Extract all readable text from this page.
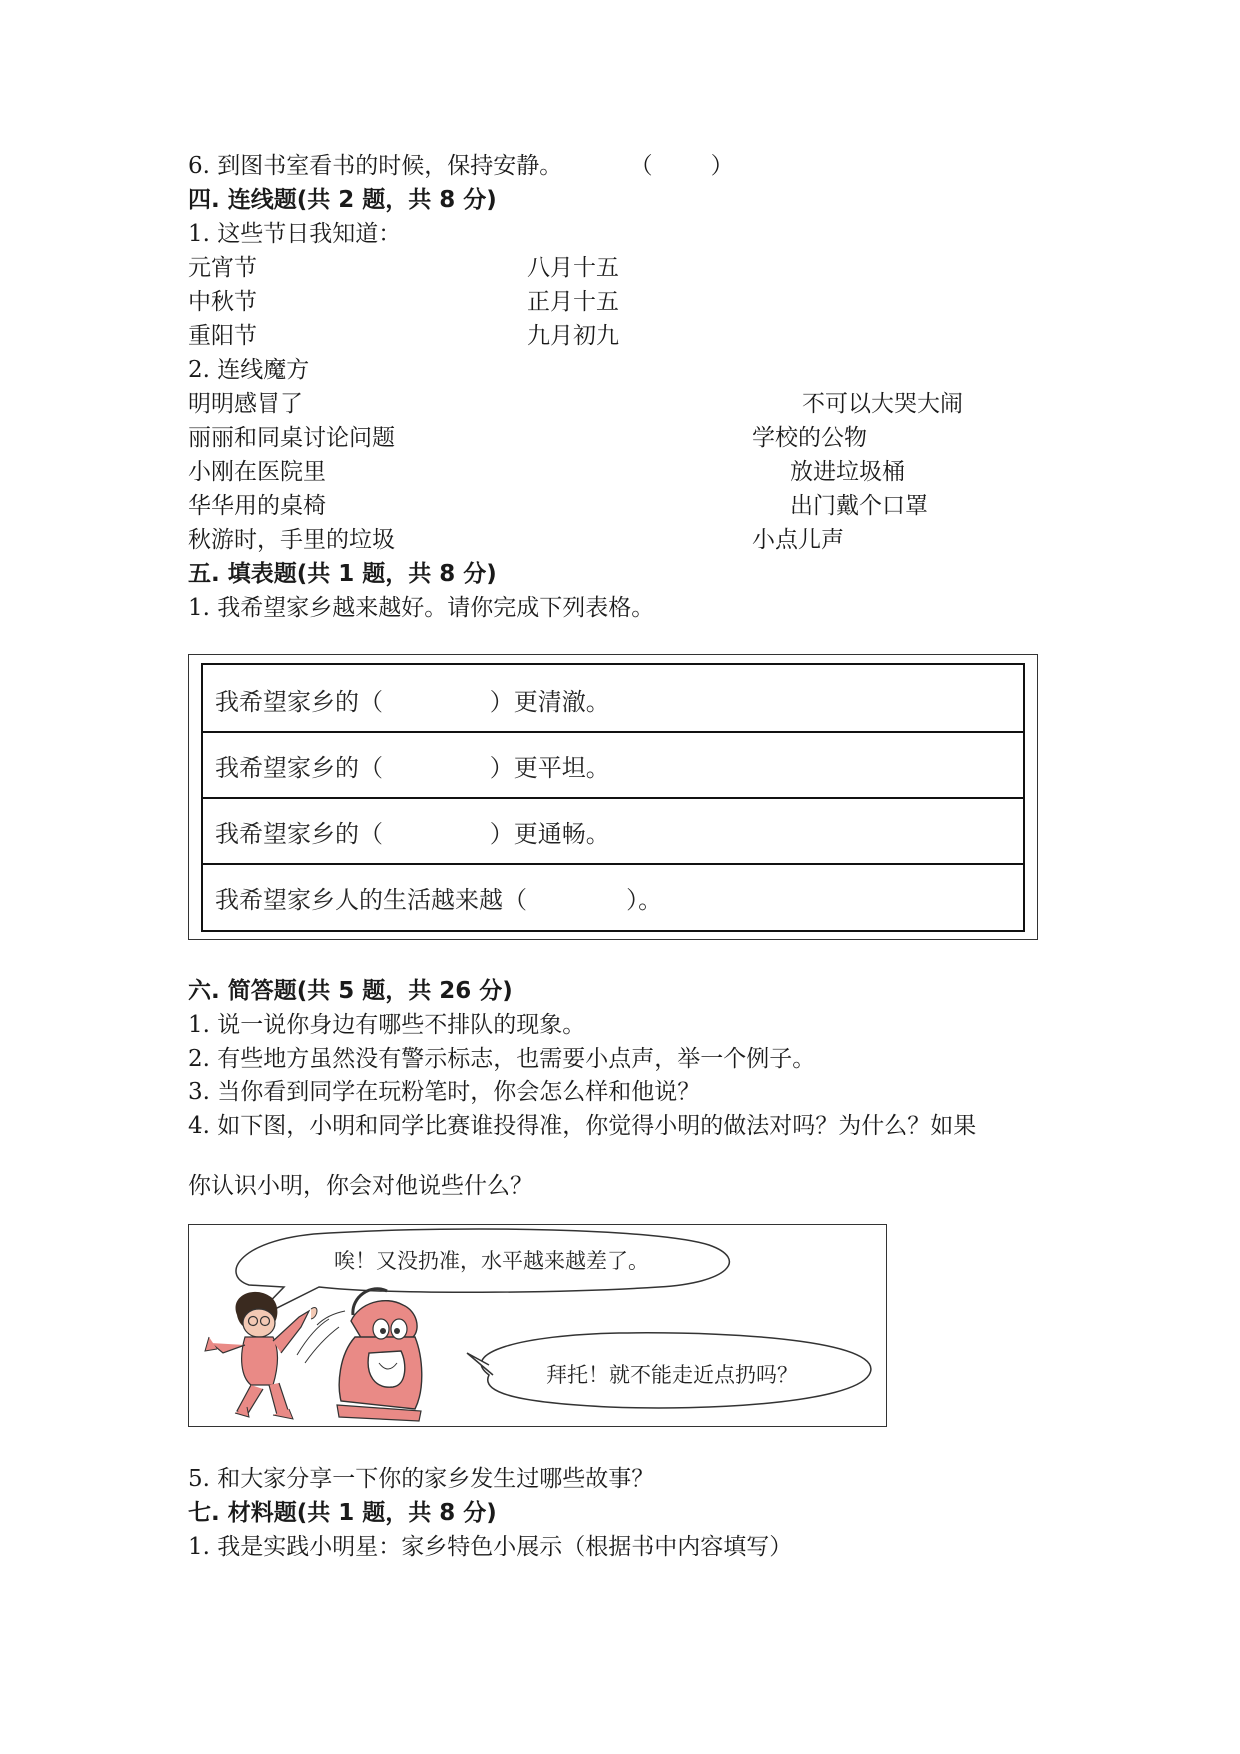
6. 到图书室看书的时候，保持安静。	（	）
四. 连线题(共 2 题，共 8 分)
1. 这些节日我知道：
元宵节
中秋节
重阳节
八月十五
正月十五
九月初九
2. 连线魔方
明明感冒了
丽丽和同桌讨论问题
小刚在医院里
华华用的桌椅
秋游时，手里的垃圾
不可以大哭大闹
学校的公物
放进垃圾桶
出门戴个口罩
小点儿声
五. 填表题(共 1 题，共 8 分)
1. 我希望家乡越来越好。请你完成下列表格。
我希望家乡的（              ）更清澈。
我希望家乡的（              ）更平坦。
我希望家乡的（              ）更通畅。
我希望家乡人的生活越来越（             ）。
六. 简答题(共 5 题，共 26 分)
1. 说一说你身边有哪些不排队的现象。
2. 有些地方虽然没有警示标志，也需要小点声，举一个例子。
3. 当你看到同学在玩粉笔时，你会怎么样和他说？
4. 如下图，小明和同学比赛谁投得准，你觉得小明的做法对吗？为什么？如果
你认识小明，你会对他说些什么？
唉！又没扔准，水平越来越差了。
拜托！就不能走近点扔吗？
5. 和大家分享一下你的家乡发生过哪些故事？
七. 材料题(共 1 题，共 8 分)
1. 我是实践小明星：家乡特色小展示（根据书中内容填写）
